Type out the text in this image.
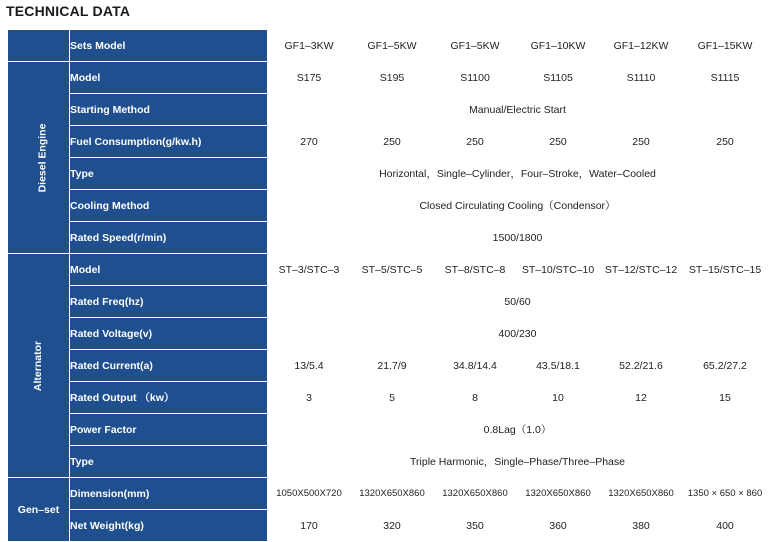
TECHNICAL DATA
	Sets Model	GF1–3KW	GF1–5KW	GF1–5KW	GF1–10KW	GF1–12KW	GF1–15KW
Diesel Engine	Model	S175	S195	S1100	S1105	S1110	S1115
	Starting Method	Manual/Electric Start					
	Fuel Consumption(g/kw.h)	270	250	250	250	250	250
	Type	Horizontal，Single–Cylinder，Four–Stroke，Water–Cooled					
	Cooling Method	Closed Circulating Cooling（Condensor）					
	Rated Speed(r/min)	1500/1800					
Alternator	Model	ST–3/STC–3	ST–5/STC–5	ST–8/STC–8	ST–10/STC–10	ST–12/STC–12	ST–15/STC–15
	Rated Freq(hz)	50/60					
	Rated Voltage(v)	400/230					
	Rated Current(a)	13/5.4	21.7/9	34.8/14.4	43.5/18.1	52.2/21.6	65.2/27.2
	Rated Output （kw）	3	5	8	10	12	15
	Power Factor	0.8Lag（1.0）					
	Type	Triple Harmonic，Single–Phase/Three–Phase					
Gen–set	Dimension(mm)	1050X500X720	1320X650X860	1320X650X860	1320X650X860	1320X650X860	1350 × 650 × 860
	Net Weight(kg)	170	320	350	360	380	400
